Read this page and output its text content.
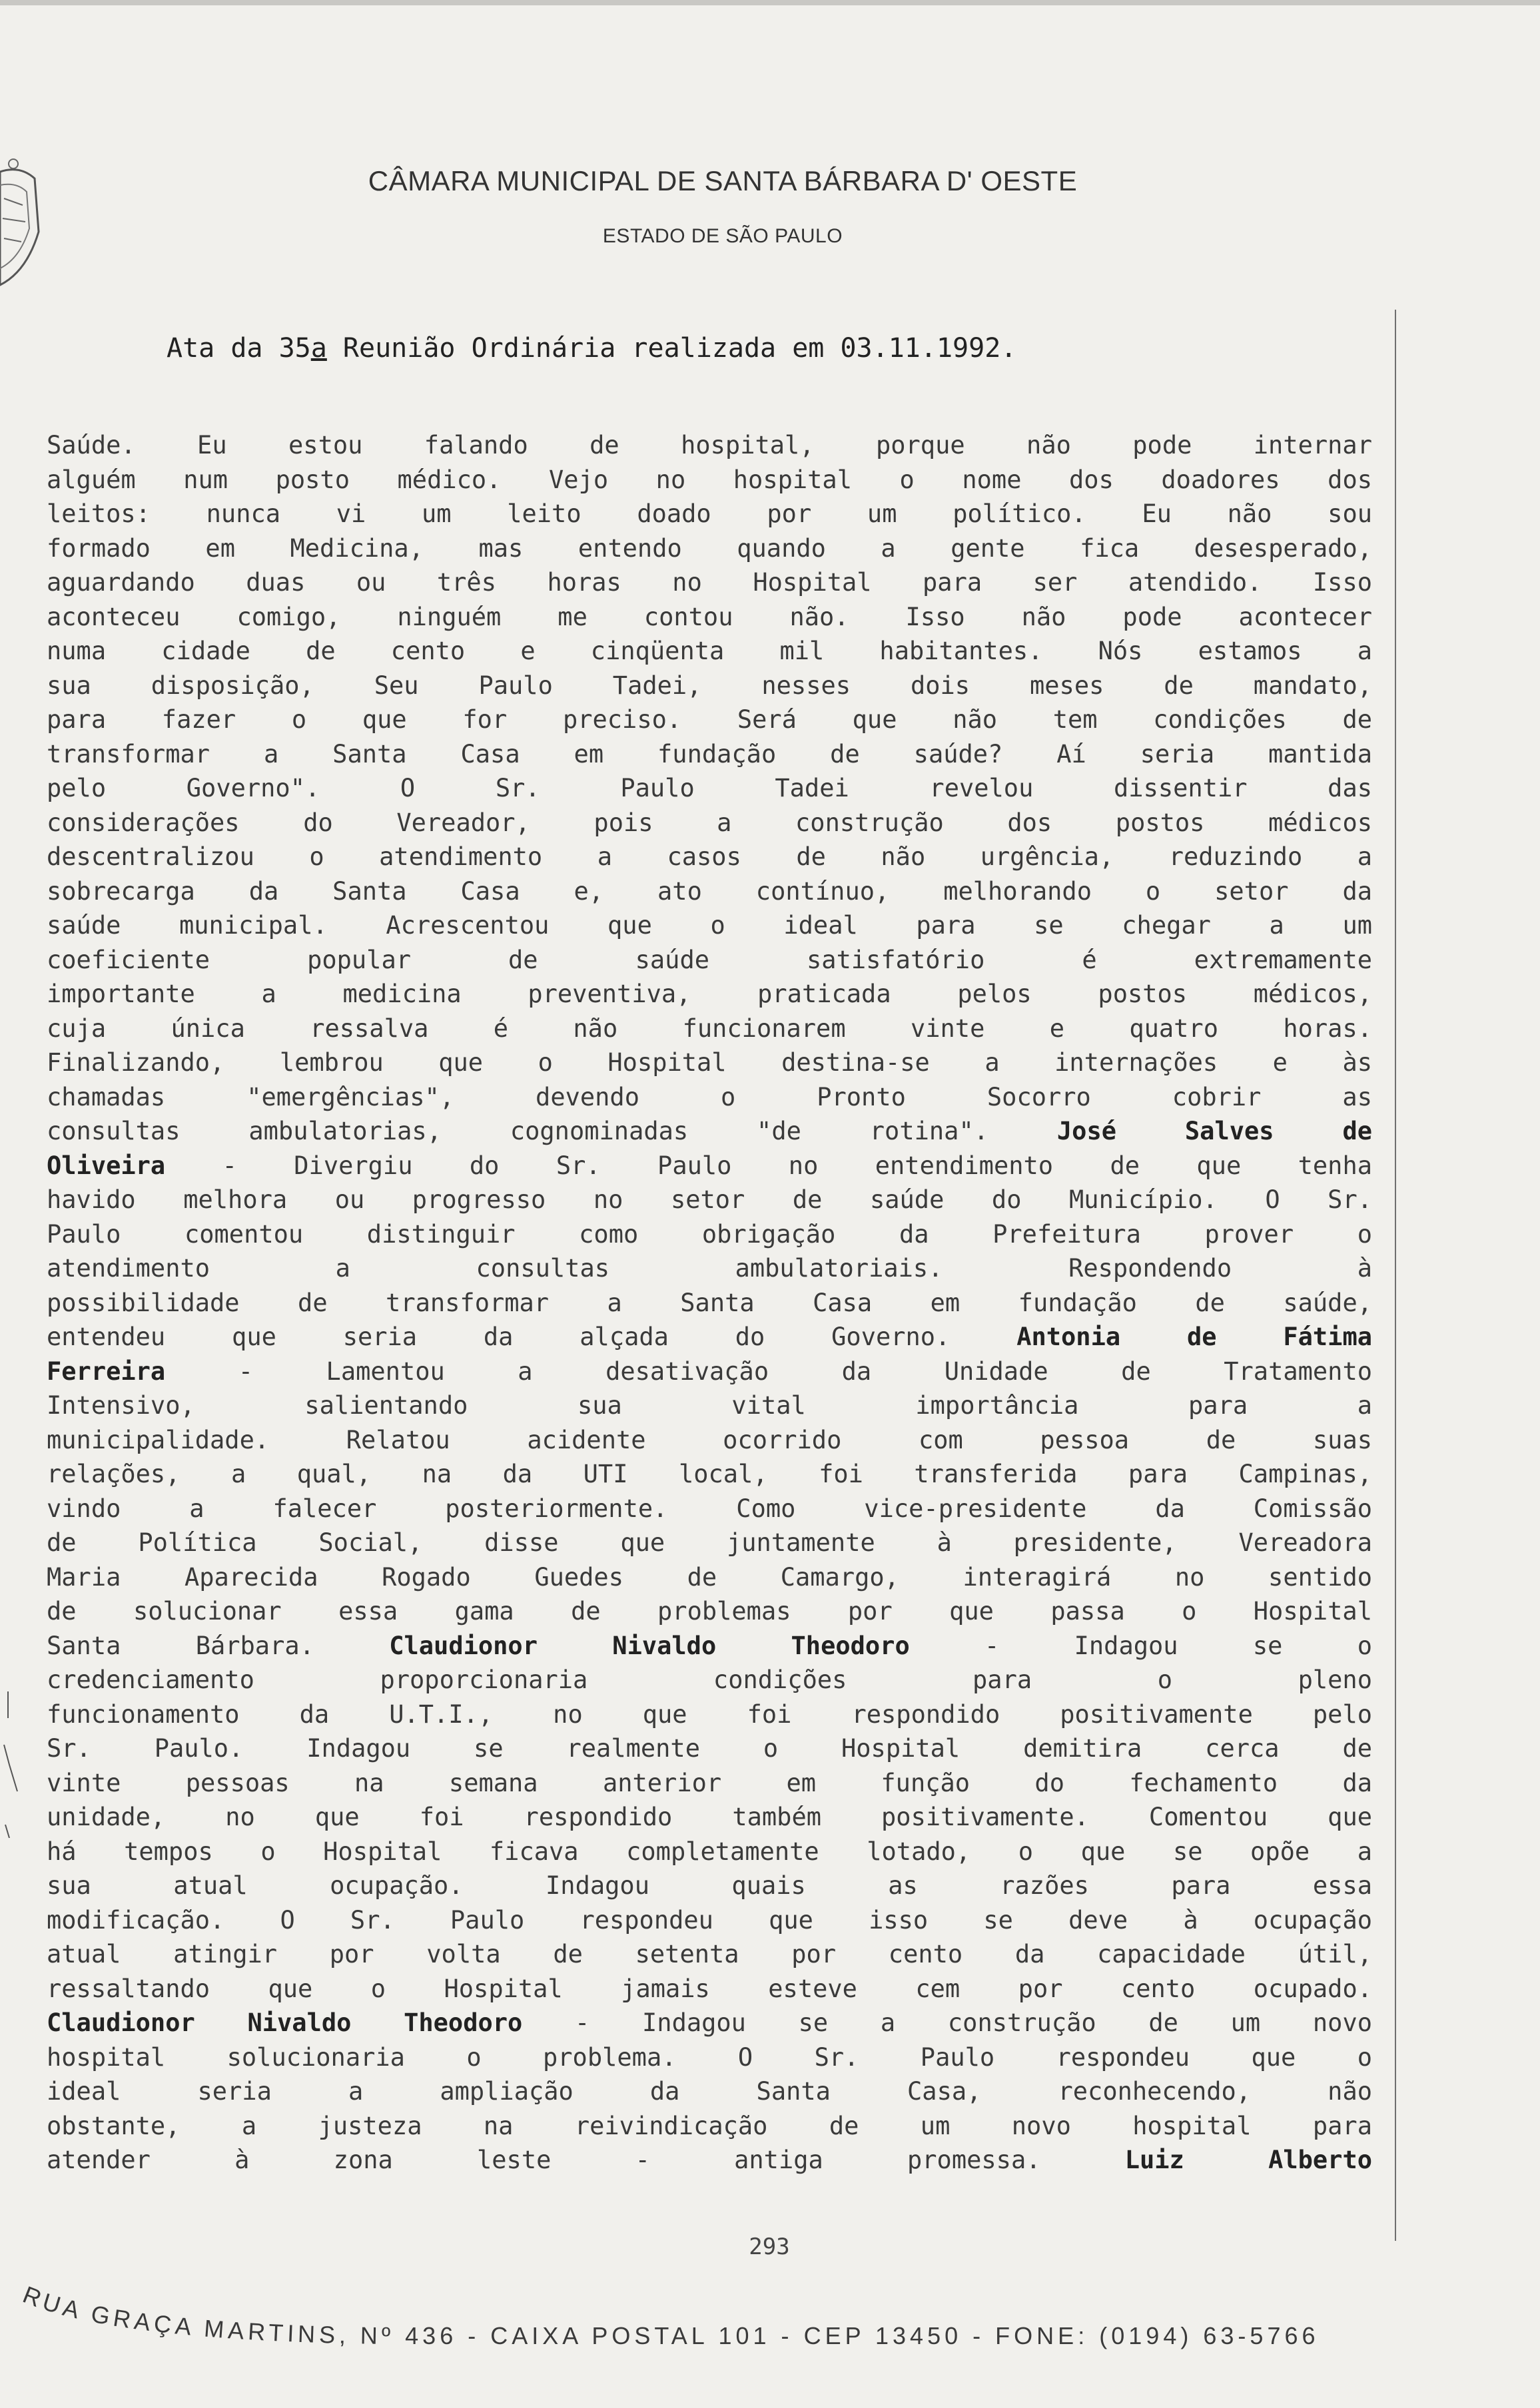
CÂMARA MUNICIPAL DE SANTA BÁRBARA D' OESTE
ESTADO DE SÃO PAULO
Ata da 35a Reunião Ordinária realizada em 03.11.1992.

Saúde. Eu estou falando de hospital, porque não pode internar

alguém num posto médico. Vejo no hospital o nome dos doadores dos

leitos: nunca vi um leito doado por um político. Eu não sou

formado em Medicina, mas entendo quando a gente fica desesperado,

aguardando duas ou três horas no Hospital para ser atendido. Isso

aconteceu comigo, ninguém me contou não. Isso não pode acontecer

numa cidade de cento e cinqüenta mil habitantes. Nós estamos a

sua disposição, Seu Paulo Tadei, nesses dois meses de mandato,

para fazer o que for preciso. Será que não tem condições de

transformar a Santa Casa em fundação de saúde? Aí seria mantida

pelo Governo". O Sr. Paulo Tadei revelou dissentir das

considerações do Vereador, pois a construção dos postos médicos

descentralizou o atendimento a casos de não urgência, reduzindo a

sobrecarga da Santa Casa e, ato contínuo, melhorando o setor da

saúde municipal. Acrescentou que o ideal para se chegar a um

coeficiente popular de saúde satisfatório é extremamente

importante a medicina preventiva, praticada pelos postos médicos,

cuja única ressalva é não funcionarem vinte e quatro horas.

Finalizando, lembrou que o Hospital destina-se a internações e às

chamadas "emergências", devendo o Pronto Socorro cobrir as

consultas ambulatorias, cognominadas "de rotina". José Salves de

Oliveira - Divergiu do Sr. Paulo no entendimento de que tenha

havido melhora ou progresso no setor de saúde do Município. O Sr.

Paulo comentou distinguir como obrigação da Prefeitura prover o

atendimento a consultas ambulatoriais. Respondendo à

possibilidade de transformar a Santa Casa em fundação de saúde,

entendeu que seria da alçada do Governo. Antonia de Fátima

Ferreira - Lamentou a desativação da Unidade de Tratamento

Intensivo, salientando sua vital importância para a

municipalidade. Relatou acidente ocorrido com pessoa de suas

relações, a qual, na da UTI local, foi transferida para Campinas,

vindo a falecer posteriormente. Como vice-presidente da Comissão

de Política Social, disse que juntamente à presidente, Vereadora

Maria Aparecida Rogado Guedes de Camargo, interagirá no sentido

de solucionar essa gama de problemas por que passa o Hospital

Santa Bárbara. Claudionor Nivaldo Theodoro - Indagou se o

credenciamento proporcionaria condições para o pleno

funcionamento da U.T.I., no que foi respondido positivamente pelo

Sr. Paulo. Indagou se realmente o Hospital demitira cerca de

vinte pessoas na semana anterior em função do fechamento da

unidade, no que foi respondido também positivamente. Comentou que

há tempos o Hospital ficava completamente lotado, o que se opõe a

sua atual ocupação. Indagou quais as razões para essa

modificação. O Sr. Paulo respondeu que isso se deve à ocupação

atual atingir por volta de setenta por cento da capacidade útil,

ressaltando que o Hospital jamais esteve cem por cento ocupado.

Claudionor Nivaldo Theodoro - Indagou se a construção de um novo

hospital solucionaria o problema. O Sr. Paulo respondeu que o

ideal seria a ampliação da Santa Casa, reconhecendo, não

obstante, a justeza na reivindicação de um novo hospital para

atender à zona leste - antiga promessa. Luiz Alberto

293
RUA GRAÇA MARTINS, Nº 436 - CAIXA POSTAL 101 - CEP 13450 - FONE: (0194) 63-5766
